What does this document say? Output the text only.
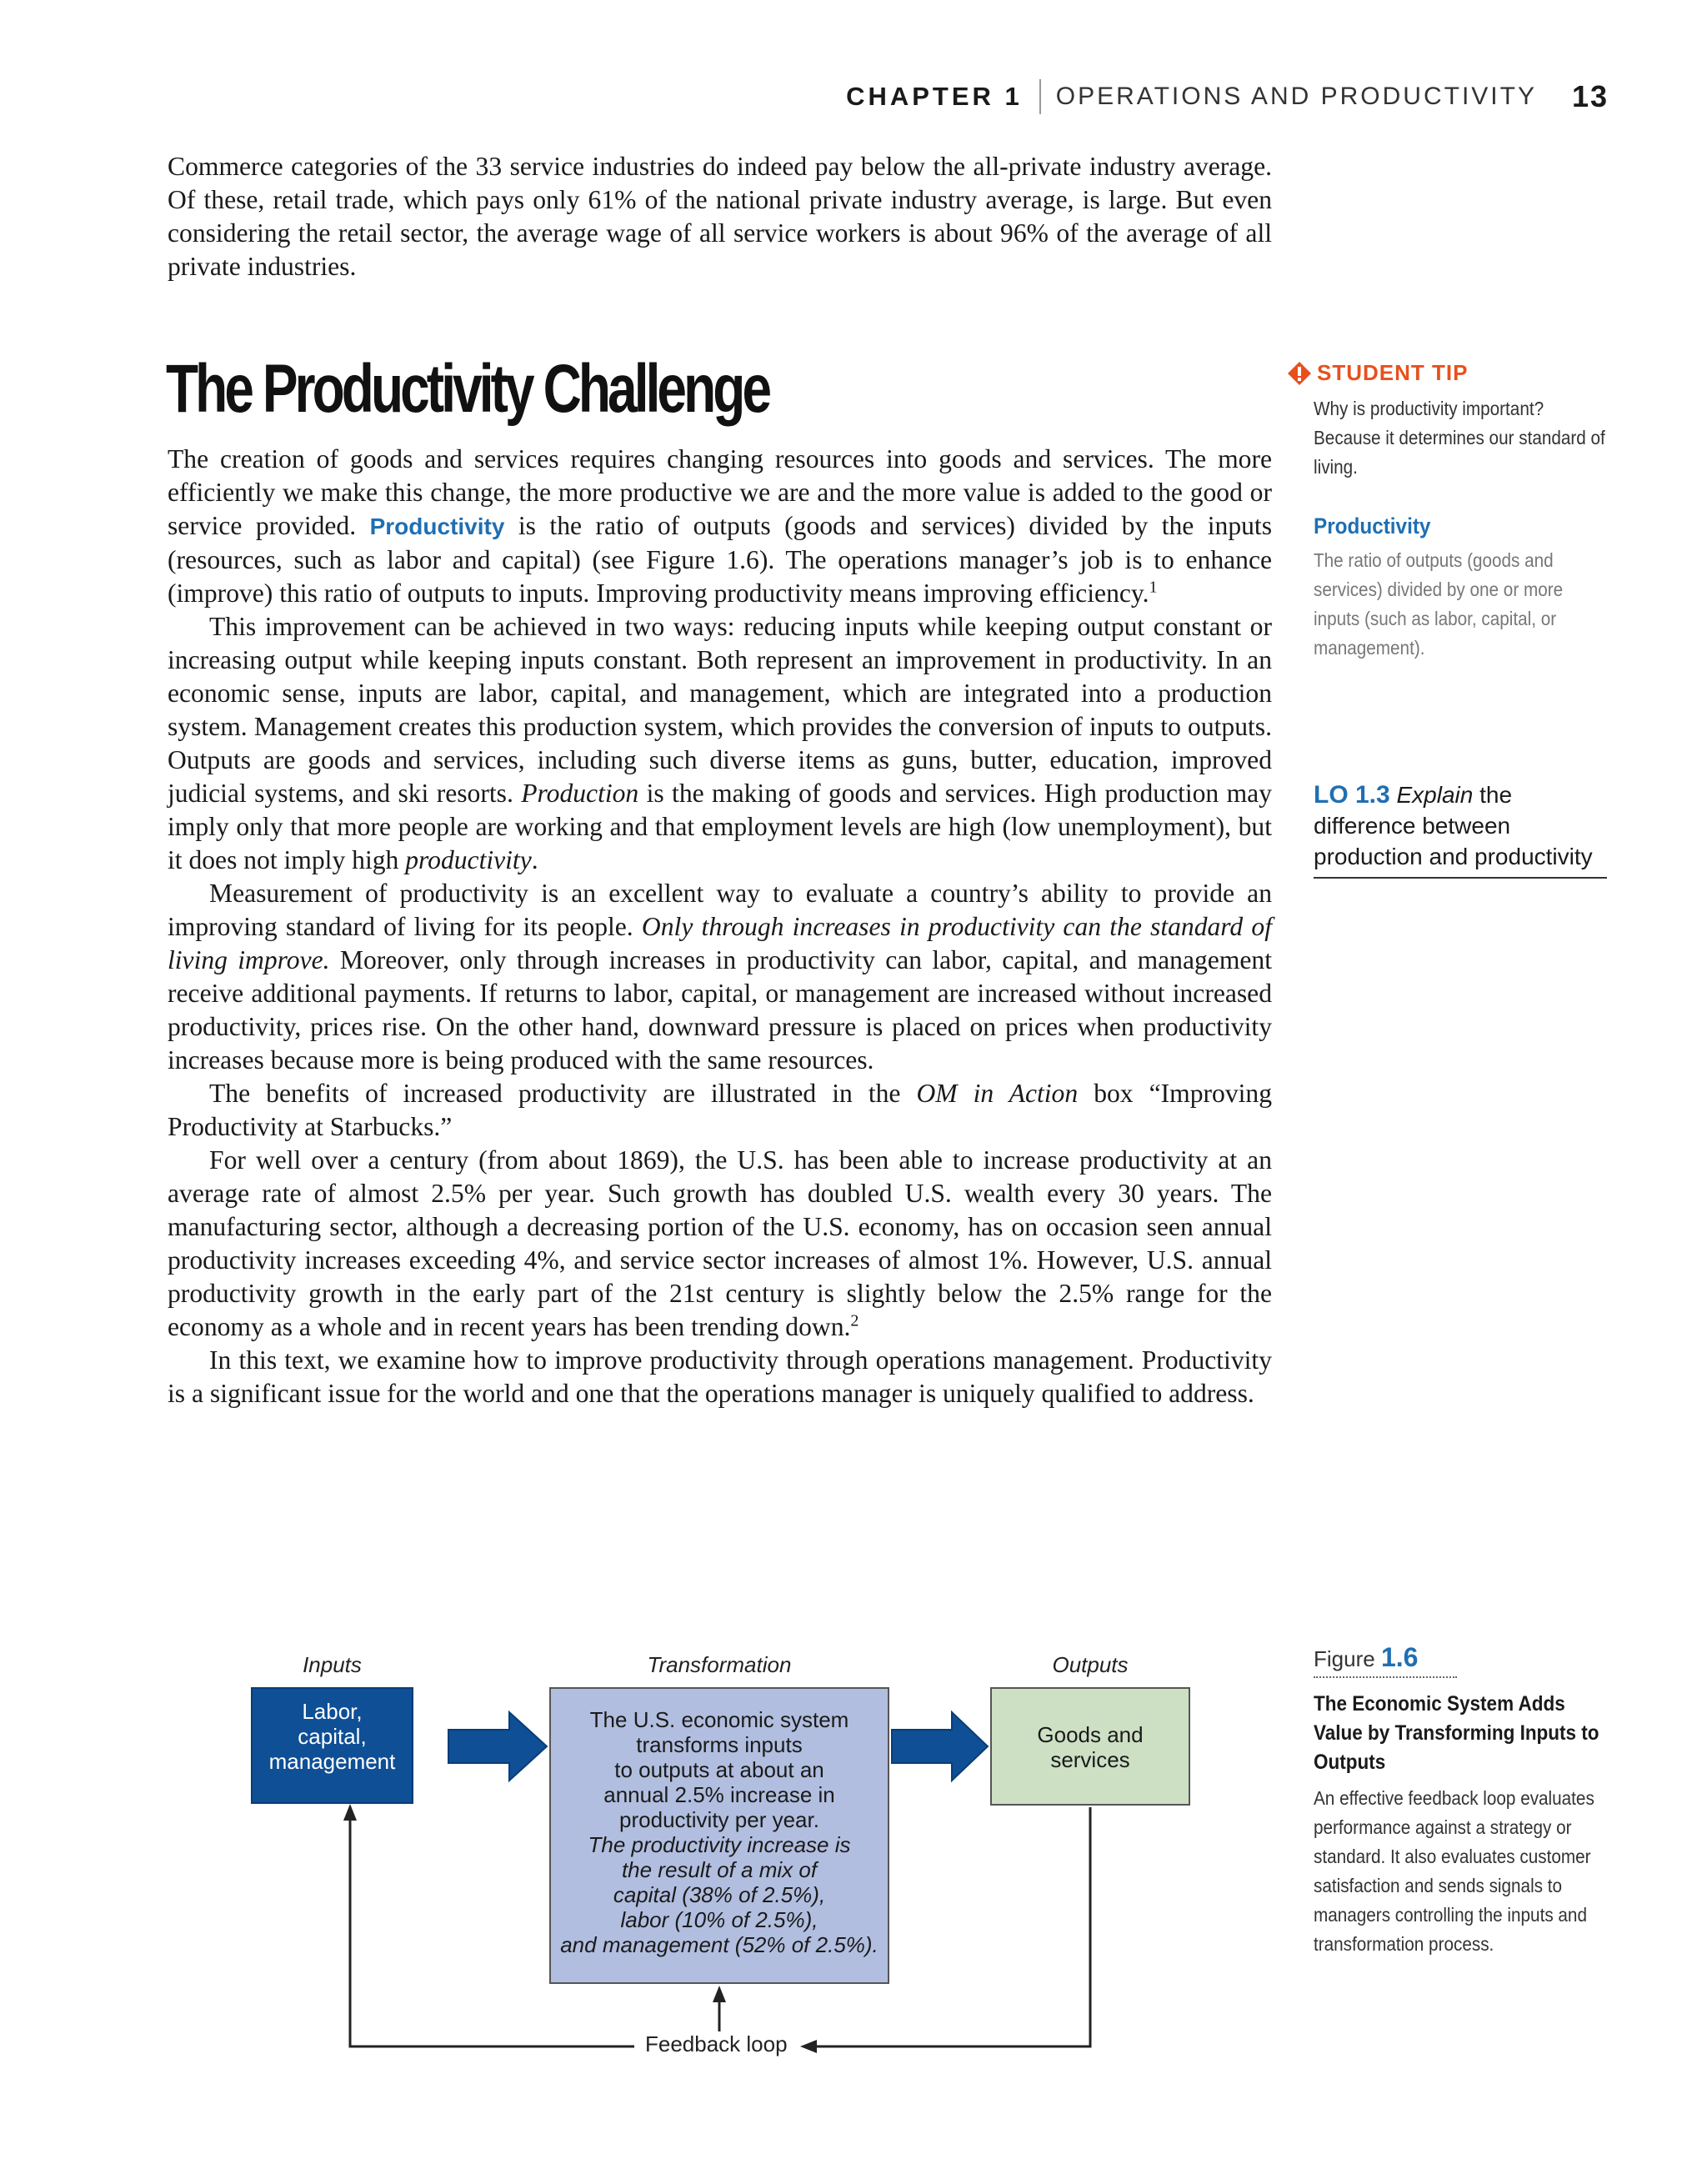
CHAPTER 1 OPERATIONS AND PRODUCTIVITY 13

Commerce categories of the 33 service industries do indeed pay below the all-private industry average. Of these, retail trade, which pays only 61% of the national private industry average, is large. But even considering the retail sector, the average wage of all service workers is about 96% of the average of all private industries.

The Productivity Challenge

The creation of goods and services requires changing resources into goods and services. The more efficiently we make this change, the more productive we are and the more value is added to the good or service provided. Productivity is the ratio of outputs (goods and services) divided by the inputs (resources, such as labor and capital) (see Figure 1.6). The operations manager’s job is to enhance (improve) this ratio of outputs to inputs. Improving productivity means improving efficiency.$^1$

This improvement can be achieved in two ways: reducing inputs while keeping output constant or increasing output while keeping inputs constant. Both represent an improvement in productivity. In an economic sense, inputs are labor, capital, and management, which are integrated into a production system. Management creates this production system, which provides the conversion of inputs to outputs. Outputs are goods and services, including such diverse items as guns, butter, education, improved judicial systems, and ski resorts. Production is the making of goods and services. High production may imply only that more people are working and that employment levels are high (low unemployment), but it does not imply high productivity.

Measurement of productivity is an excellent way to evaluate a country’s ability to provide an improving standard of living for its people. Only through increases in productivity can the standard of living improve. Moreover, only through increases in productivity can labor, capital, and management receive additional payments. If returns to labor, capital, or management are increased without increased productivity, prices rise. On the other hand, downward pressure is placed on prices when productivity increases because more is being produced with the same resources.

The benefits of increased productivity are illustrated in the OM in Action box “Improving Productivity at Starbucks.”

For well over a century (from about 1869), the U.S. has been able to increase productivity at an average rate of almost 2.5% per year. Such growth has doubled U.S. wealth every 30 years. The manufacturing sector, although a decreasing portion of the U.S. economy, has on occasion seen annual productivity increases exceeding 4%, and service sector increases of almost 1%. However, U.S. annual productivity growth in the early part of the 21st century is slightly below the 2.5% range for the economy as a whole and in recent years has been trending down.$^2$

In this text, we examine how to improve productivity through operations management. Productivity is a significant issue for the world and one that the operations manager is uniquely qualified to address.

STUDENT TIP
Why is productivity important? Because it determines our standard of living.
Productivity
The ratio of outputs (goods and services) divided by one or more inputs (such as labor, capital, or management).
LO 1.3 Explain the difference between production and productivity
Figure 1.6
The Economic System Adds Value by Transforming Inputs to Outputs
An effective feedback loop evaluates performance against a strategy or standard. It also evaluates customer satisfaction and sends signals to managers controlling the inputs and transformation process.
Inputs	Transformation	Outputs
Labor,
capital,
management
The U.S. economic system
transforms inputs
to outputs at about an
annual 2.5% increase in
productivity per year.
The productivity increase is
the result of a mix of
capital (38% of 2.5%),
labor (10% of 2.5%),
and management (52% of 2.5%).
Goods and
services
Feedback loop
